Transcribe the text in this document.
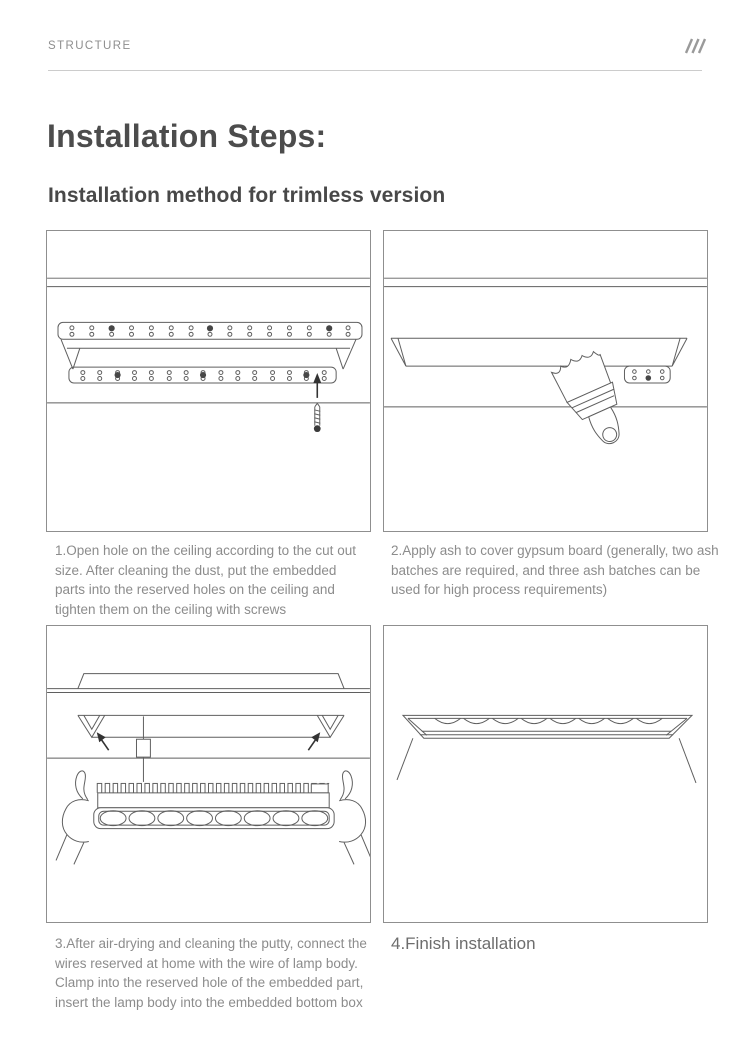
STRUCTURE
Installation Steps:
Installation method for trimless version
1.Open hole on the ceiling according to the cut out size. After cleaning the dust, put the embedded parts into the reserved holes on the ceiling and tighten them on the ceiling with screws
2.Apply ash to cover gypsum board (generally, two ash batches are required, and three ash batches can be used for high process requirements)
3.After air-drying and cleaning the putty, connect the wires reserved at home with the wire of lamp body. Clamp into the reserved hole of the embedded part, insert the lamp body into the embedded bottom box
4.Finish installation
